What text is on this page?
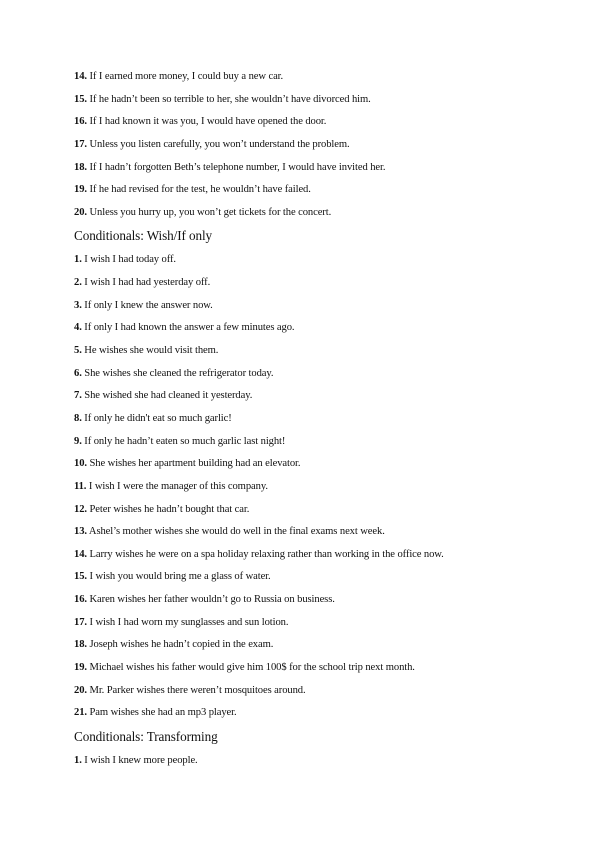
14. If I earned more money, I could buy a new car.
15. If he hadn’t been so terrible to her, she wouldn’t have divorced him.
16. If I had known it was you, I would have opened the door.
17. Unless you listen carefully, you won’t understand the problem.
18. If I hadn’t forgotten Beth’s telephone number, I would have invited her.
19. If he had revised for the test, he wouldn’t have failed.
20. Unless you hurry up, you won’t get tickets for the concert.
Conditionals: Wish/If only
1. I wish I had today off.
2. I wish I had had yesterday off.
3. If only I knew the answer now.
4. If only I had known the answer a few minutes ago.
5. He wishes she would visit them.
6. She wishes she cleaned the refrigerator today.
7. She wished she had cleaned it yesterday.
8. If only he didn't eat so much garlic!
9. If only he hadn’t eaten so much garlic last night!
10. She wishes her apartment building had an elevator.
11. I wish I were the manager of this company.
12. Peter wishes he hadn’t bought that car.
13. Ashel’s mother wishes she would do well in the final exams next week.
14. Larry wishes he were on a spa holiday relaxing rather than working in the office now.
15. I wish you would bring me a glass of water.
16. Karen wishes her father wouldn’t go to Russia on business.
17. I wish I had worn my sunglasses and sun lotion.
18. Joseph wishes he hadn’t copied in the exam.
19. Michael wishes his father would give him 100$ for the school trip next month.
20. Mr. Parker wishes there weren’t mosquitoes around.
21. Pam wishes she had an mp3 player.
Conditionals: Transforming
1. I wish I knew more people.
